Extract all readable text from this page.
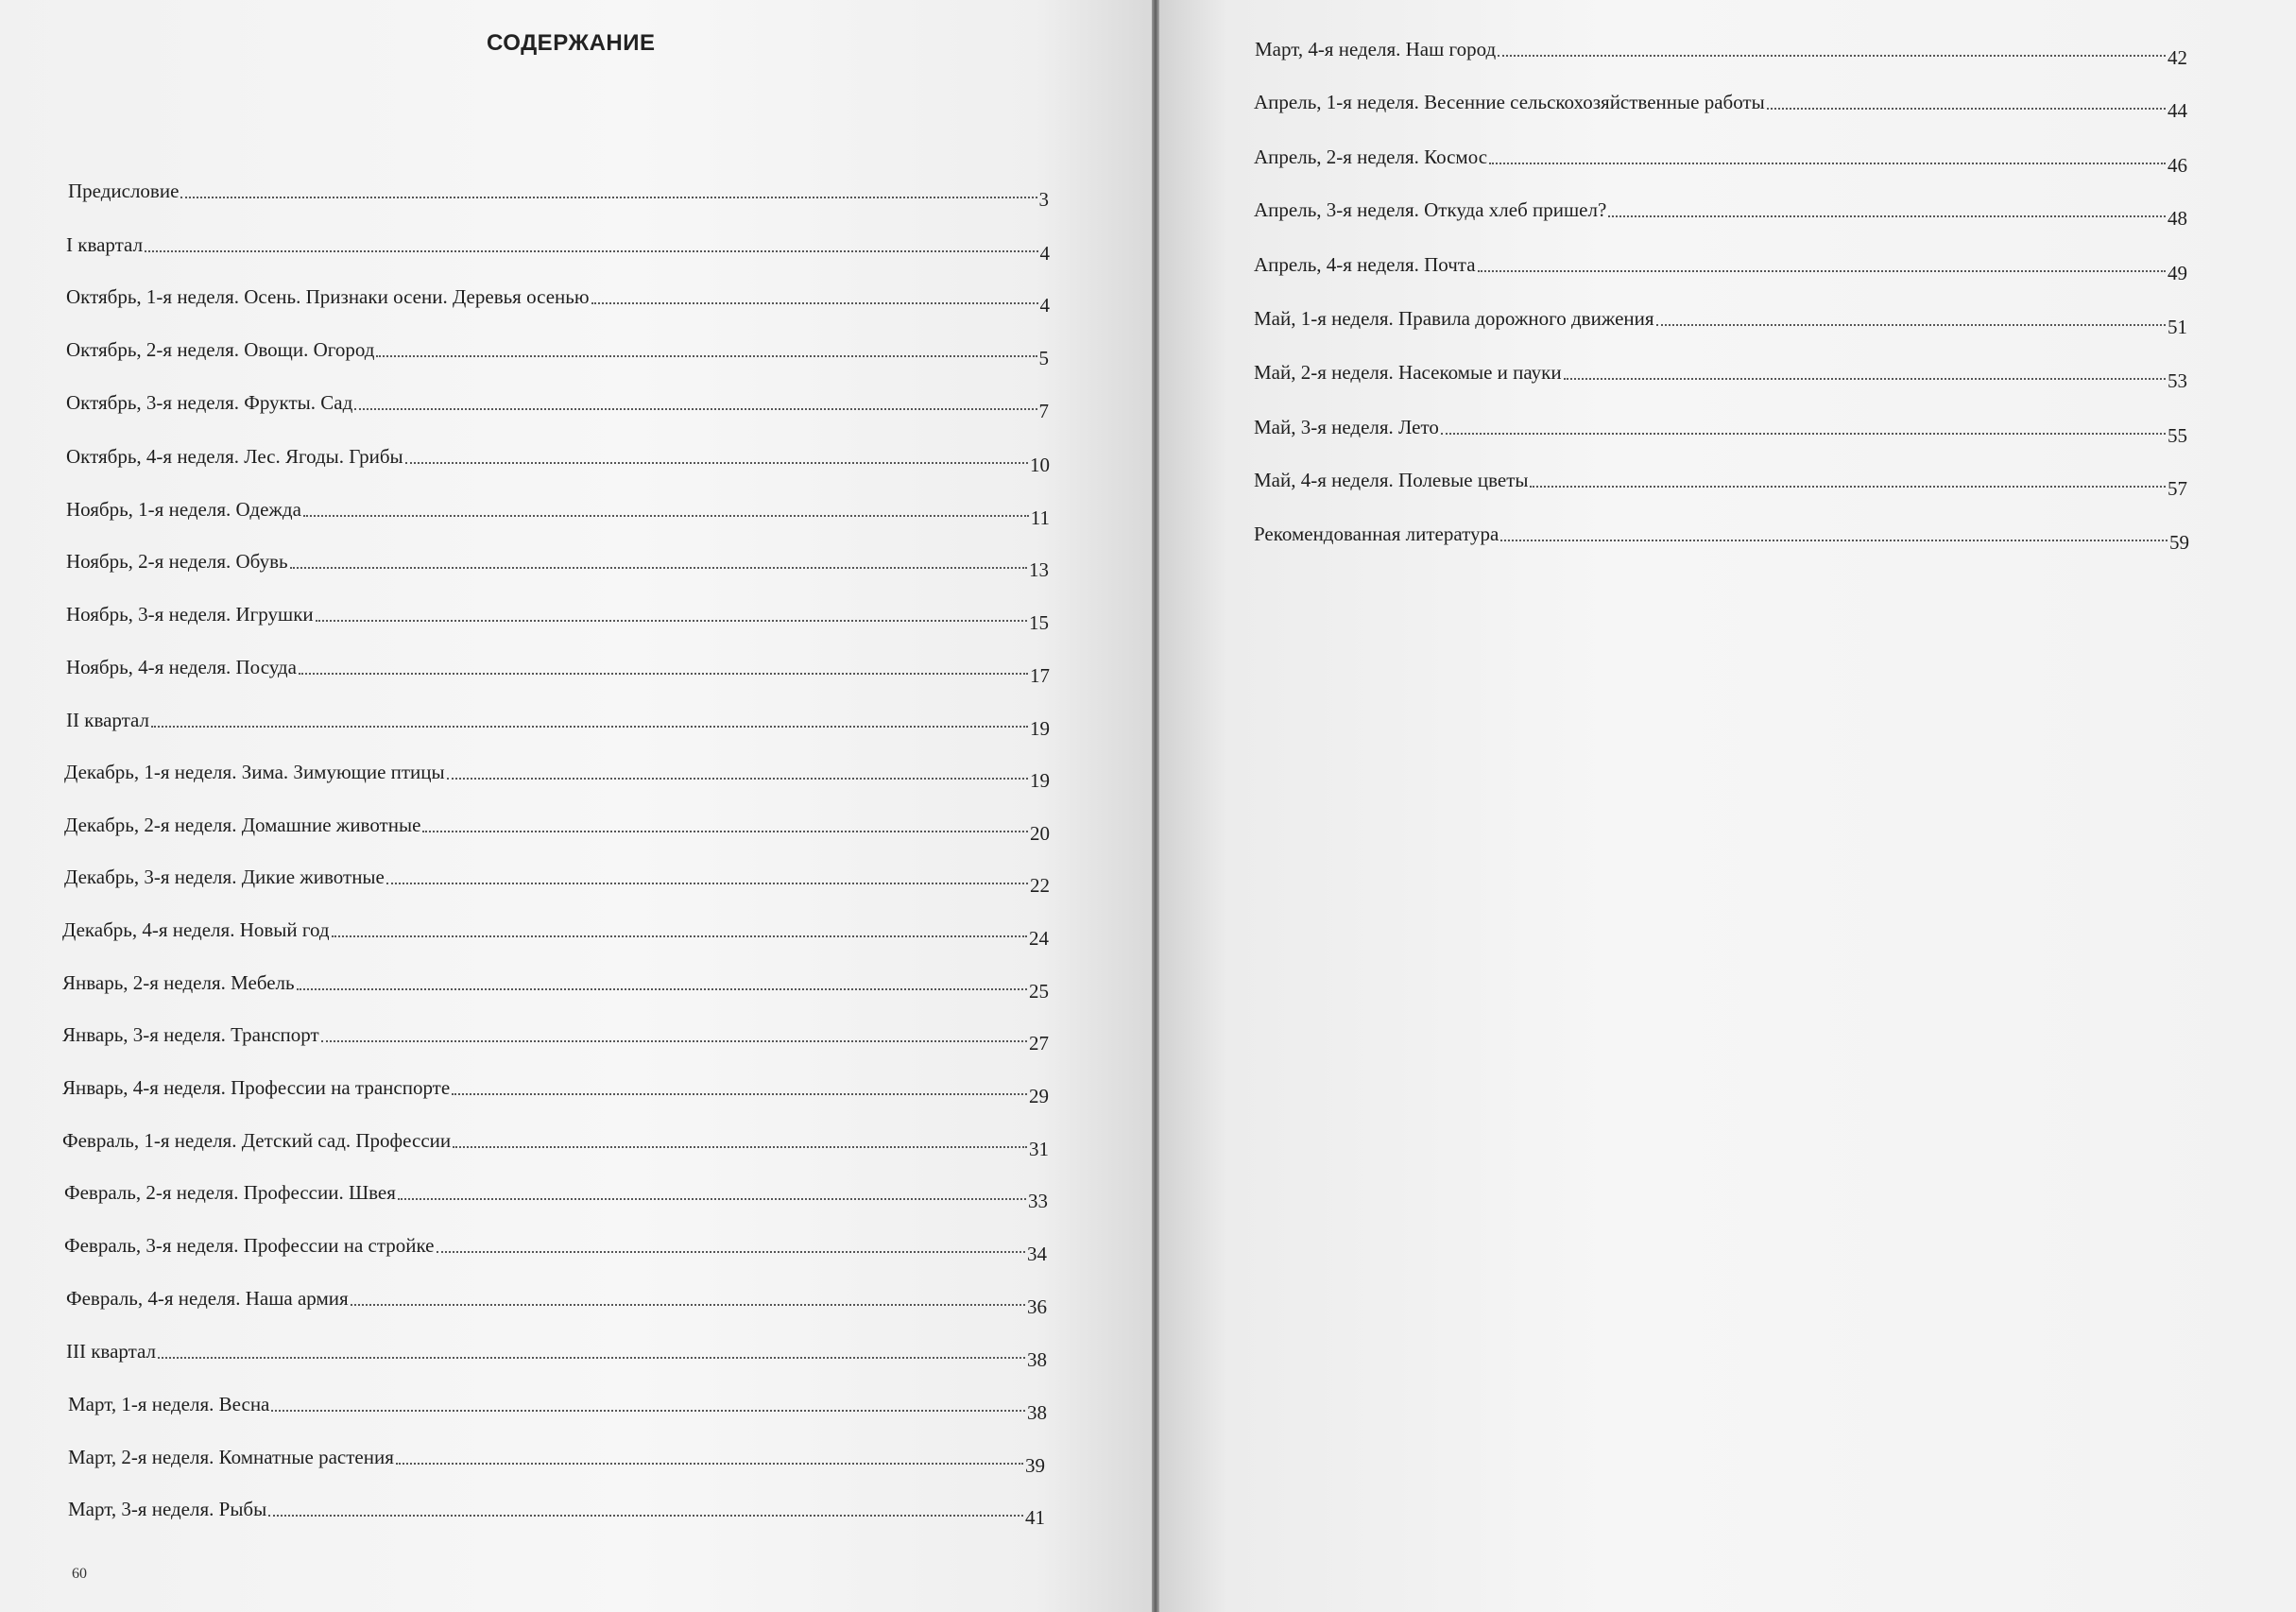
СОДЕРЖАНИЕ
Предисловие	3
I квартал	4
Октябрь, 1-я неделя. Осень. Признаки осени. Деревья осенью	4
Октябрь, 2-я неделя. Овощи. Огород	5
Октябрь, 3-я неделя. Фрукты. Сад	7
Октябрь, 4-я неделя. Лес. Ягоды. Грибы	10
Ноябрь, 1-я неделя. Одежда	11
Ноябрь, 2-я неделя. Обувь	13
Ноябрь, 3-я неделя. Игрушки	15
Ноябрь, 4-я неделя. Посуда	17
II квартал	19
Декабрь, 1-я неделя. Зима. Зимующие птицы	19
Декабрь, 2-я неделя. Домашние животные	20
Декабрь, 3-я неделя. Дикие животные	22
Декабрь, 4-я неделя. Новый год	24
Январь, 2-я неделя. Мебель	25
Январь, 3-я неделя. Транспорт	27
Январь, 4-я неделя. Профессии на транспорте	29
Февраль, 1-я неделя. Детский сад. Профессии	31
Февраль, 2-я неделя. Профессии. Швея	33
Февраль, 3-я неделя. Профессии на стройке	34
Февраль, 4-я неделя. Наша армия	36
III квартал	38
Март, 1-я неделя. Весна	38
Март, 2-я неделя. Комнатные растения	39
Март, 3-я неделя. Рыбы	41
60
Март, 4-я неделя. Наш город	42
Апрель, 1-я неделя. Весенние сельскохозяйственные работы	44
Апрель, 2-я неделя. Космос	46
Апрель, 3-я неделя. Откуда хлеб пришел?	48
Апрель, 4-я неделя. Почта	49
Май, 1-я неделя. Правила дорожного движения	51
Май, 2-я неделя. Насекомые и пауки	53
Май, 3-я неделя. Лето	55
Май, 4-я неделя. Полевые цветы	57
Рекомендованная литература	59
